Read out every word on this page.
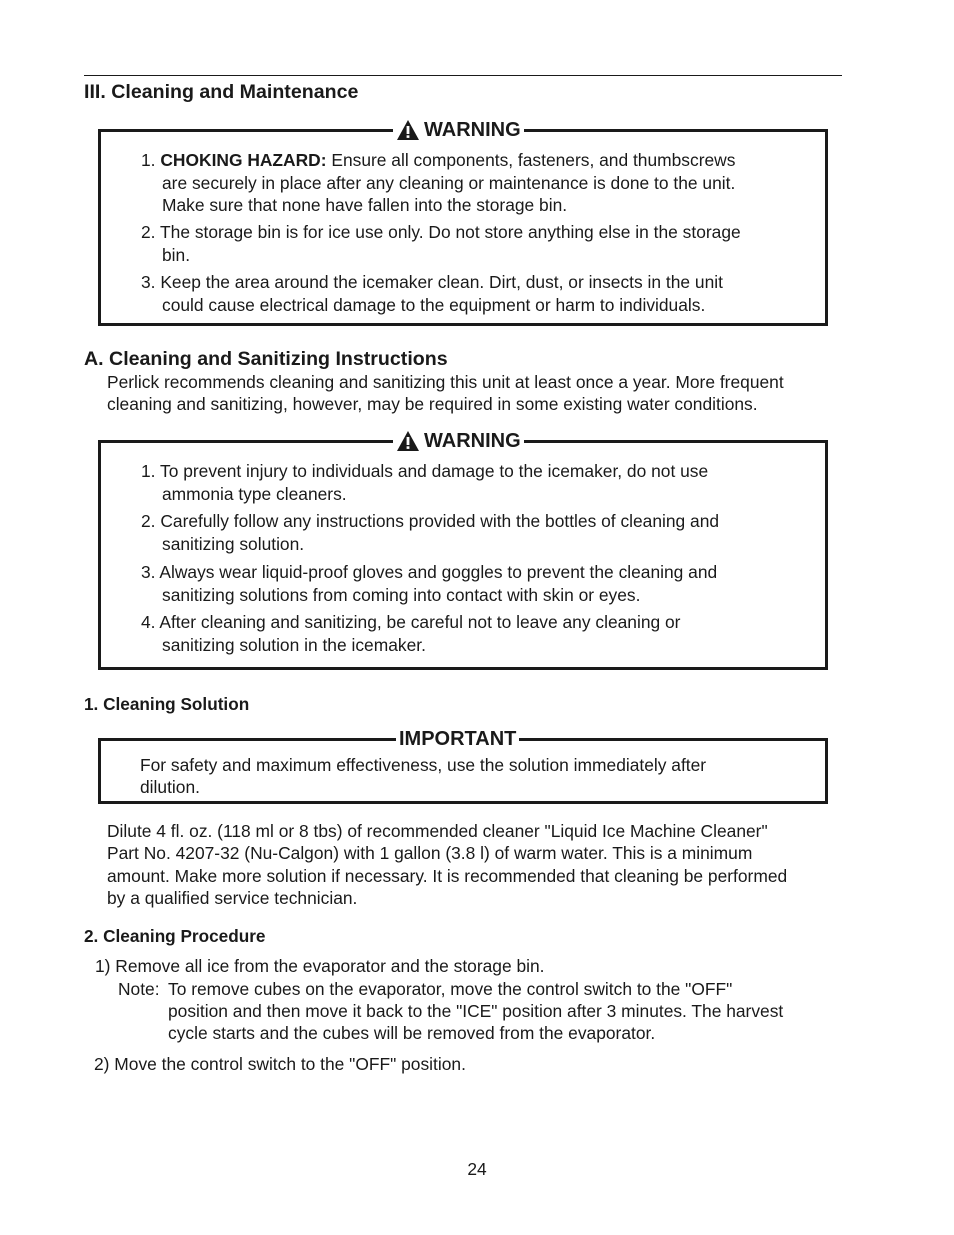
III. Cleaning and Maintenance
WARNING
1. CHOKING HAZARD: Ensure all components, fasteners, and thumbscrews
are securely in place after any cleaning or maintenance is done to the unit.
Make sure that none have fallen into the storage bin.
2. The storage bin is for ice use only. Do not store anything else in the storage
bin.
3. Keep the area around the icemaker clean. Dirt, dust, or insects in the unit
could cause electrical damage to the equipment or harm to individuals.
A. Cleaning and Sanitizing Instructions
Perlick recommends cleaning and sanitizing this unit at least once a year. More frequent
cleaning and sanitizing, however, may be required in some existing water conditions.
WARNING
1. To prevent injury to individuals and damage to the icemaker, do not use
ammonia type cleaners.
2. Carefully follow any instructions provided with the bottles of cleaning and
sanitizing solution.
3. Always wear liquid-proof gloves and goggles to prevent the cleaning and
sanitizing solutions from coming into contact with skin or eyes.
4. After cleaning and sanitizing, be careful not to leave any cleaning or
sanitizing solution in the icemaker.
1. Cleaning Solution
IMPORTANT
For safety and maximum effectiveness, use the solution immediately after
dilution.
Dilute 4 fl. oz. (118 ml or 8 tbs) of recommended cleaner "Liquid Ice Machine Cleaner"
Part No. 4207-32 (Nu-Calgon) with 1 gallon (3.8 l) of warm water. This is a minimum
amount. Make more solution if necessary. It is recommended that cleaning be performed
by a qualified service technician.
2. Cleaning Procedure
1) Remove all ice from the evaporator and the storage bin.
Note: To remove cubes on the evaporator, move the control switch to the "OFF"
position and then move it back to the "ICE" position after 3 minutes. The harvest
cycle starts and the cubes will be removed from the evaporator.
2) Move the control switch to the "OFF" position.
24
